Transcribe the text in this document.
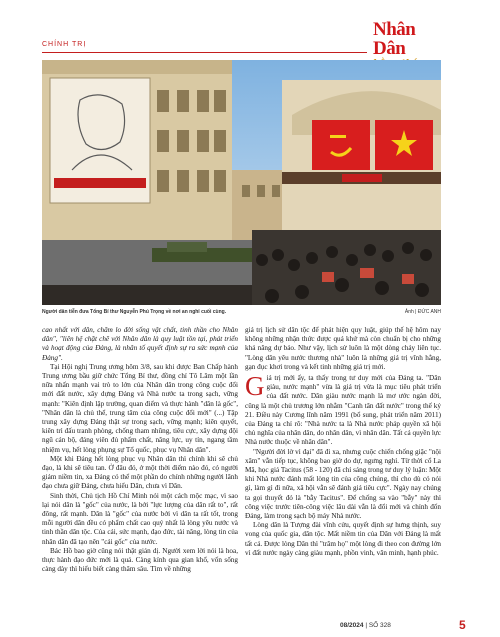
CHÍNH TRỊ
Nhân Dân
Người dân tiễn đưa Tổng Bí thư Nguyễn Phú Trọng về nơi an nghỉ cuối cùng.	Ảnh | ĐỨC ANH

cao nhất với dân, chăm lo đời sống vật chất, tinh thần cho Nhân dân", "liên hệ chặt chẽ với Nhân dân là quy luật tồn tại, phát triển và hoạt động của Đảng, là nhân tố quyết định sự ra sức mạnh của Đảng".

Tại Hội nghị Trung ương hôm 3/8, sau khi được Ban Chấp hành Trung ương bầu giữ chức Tổng Bí thư, đồng chí Tô Lâm một lần nữa nhấn mạnh vai trò to lớn của Nhân dân trong công cuộc đổi mới đất nước, xây dựng Đảng và Nhà nước ta trong sạch, vững mạnh: "Kiên định lập trường, quan điểm và thực hành "dân là gốc", "Nhân dân là chủ thể, trung tâm của công cuộc đổi mới" (...) Tập trung xây dựng Đảng thật sự trong sạch, vững mạnh; kiên quyết, kiên trì đấu tranh phòng, chống tham nhũng, tiêu cực, xây dựng đội ngũ cán bộ, đảng viên đủ phẩm chất, năng lực, uy tín, ngang tầm nhiệm vụ, hết lòng phụng sự Tổ quốc, phục vụ Nhân dân".

Một khi Đảng hết lòng phục vụ Nhân dân thì chính khi sẽ chủ đạo, là khi sẽ tiêu tan. Ở đâu đó, ở một thời điểm nào đó, có người giảm niềm tin, xa Đảng có thể một phần do chính những người lãnh đạo chưa giữ Đảng, chưa hiểu Dân, chưa vì Dân.

Sinh thời, Chủ tịch Hồ Chí Minh nói một cách mộc mạc, vì sao lại nói dân là "gốc" của nước, là bởi "lực lượng của dân rất to", rất đông, rất mạnh. Dân là "gốc" của nước bởi vì dân ta rất tốt, trong mỗi người dân đều có phẩm chất cao quý nhất là lòng yêu nước và tinh thần dân tộc. Của cải, sức mạnh, đạo đức, tài năng, lòng tin của nhân dân đã tạo nên "cái gốc" của nước.

Bác Hồ bao giờ cũng nói thật giản dị. Người xem lời nói là hoa, thực hành đạo đức mới là quả. Càng kính qua gian khổ, vốn sống càng dày thì hiểu biết càng thâm sâu. Tìm về những

giá trị lịch sử dân tộc để phát hiện quy luật, giúp thế hệ hôm nay không những nhận thức được quá khứ mà còn chuẩn bị cho những khả năng dự báo. Như vậy, lịch sử luôn là một dòng chảy liên tục. "Lòng dân yêu nước thương nhà" luôn là những giá trị vĩnh hằng, gạn đục khơi trong và kết tinh những giá trị mới.

Giá trị mới ấy, ta thấy trong tư duy mới của Đảng ta. "Dân giàu, nước mạnh" vừa là giá trị vừa là mục tiêu phát triển của đất nước. Dân giàu nước mạnh là mơ ước ngàn đời, cũng là một chủ trương lớn nhằm "Canh tân đất nước" trong thế kỷ 21. Điều này Cương lĩnh năm 1991 (bổ sung, phát triển năm 2011) của Đảng ta chỉ rõ: "Nhà nước ta là Nhà nước pháp quyền xã hội chủ nghĩa của nhân dân, do nhân dân, vì nhân dân. Tất cả quyền lực Nhà nước thuộc về nhân dân".

"Người đời lờ vì đại" đã đi xa, nhưng cuộc chiến chống giặc "nội xâm" vẫn tiếp tục, không bao giờ do dự, ngưng nghỉ. Từ thời cổ La Mã, học giả Tacitus (58 - 120) đã chỉ sáng trong tư duy lý luận: Một khi Nhà nước đánh mất lòng tin của công chúng, thì cho dù có nói gì, làm gì đi nữa, xã hội vẫn sẽ đánh giá tiêu cực". Ngày nay chúng ta gọi thuyết đó là "bẫy Tacitus". Để chống sa vào "bẫy" này thì công việc trước tiên-công việc lâu dài vẫn là đổi mới và chỉnh đốn Đảng, làm trong sạch bộ máy Nhà nước.

Lòng dân là Tượng đài vĩnh cửu, quyết định sự hưng thịnh, suy vong của quốc gia, dân tộc. Mất niềm tin của Dân với Đảng là mất tất cả. Được lòng Dân thì "trăm họ" một lòng đi theo con đường lớn vì đất nước ngày càng giàu mạnh, phồn vinh, văn minh, hạnh phúc.

08/2024 | SỐ 328	5
